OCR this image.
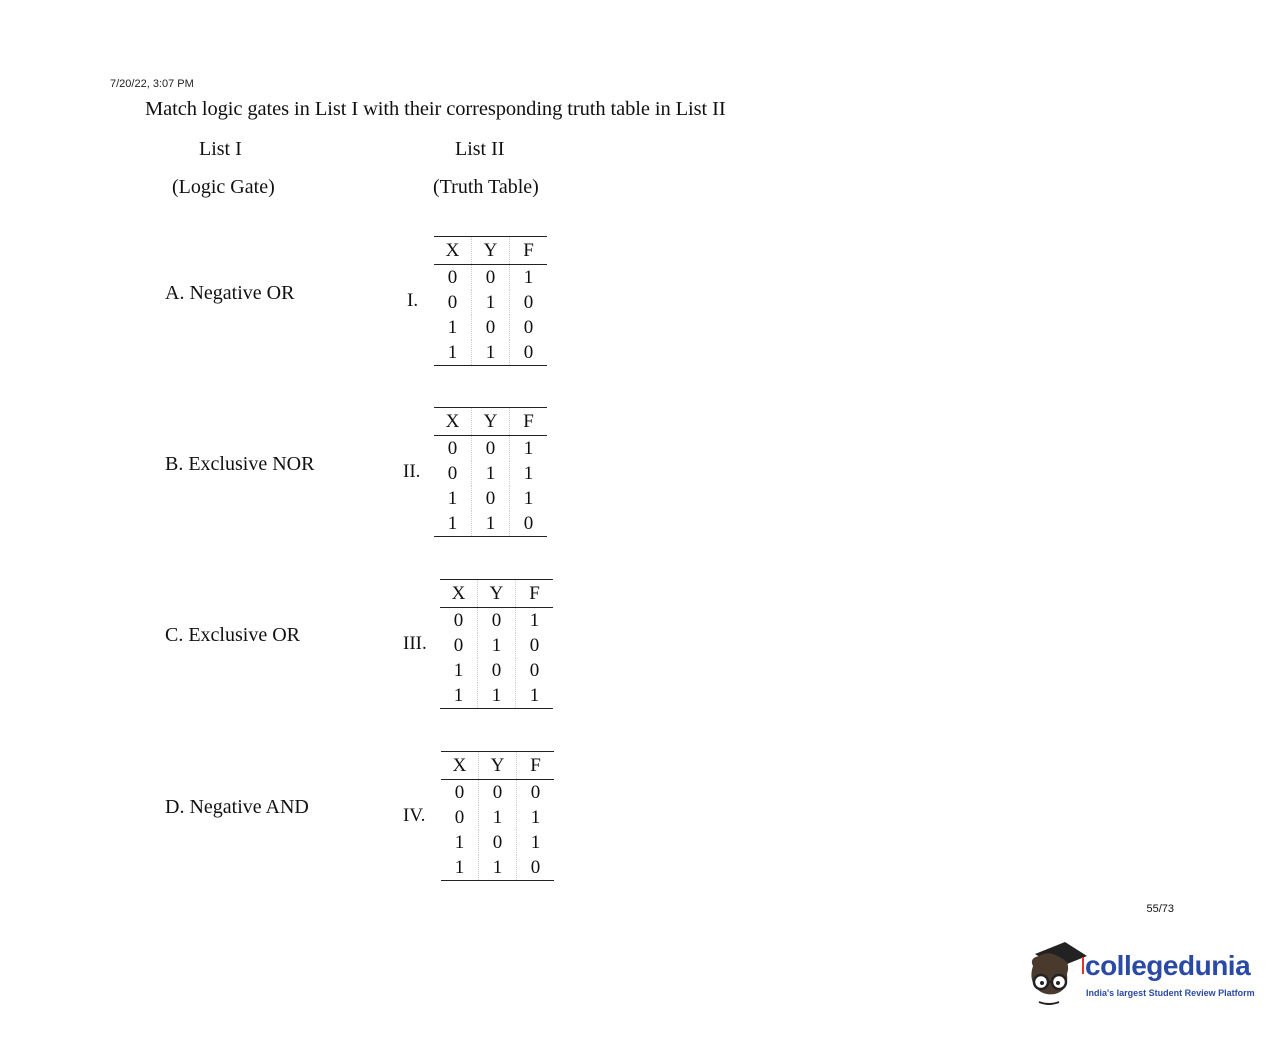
7/20/22, 3:07 PM
Match logic gates in List I with their corresponding truth table in List II
List I
(Logic Gate)
List II
(Truth Table)
A. Negative OR
B. Exclusive NOR
C. Exclusive OR
D. Negative AND
I.
II.
III.
IV.
X	Y	F
0	0	1
0	1	0
1	0	0
1	1	0
X	Y	F
0	0	1
0	1	1
1	0	1
1	1	0
X	Y	F
0	0	1
0	1	0
1	0	0
1	1	1
X	Y	F
0	0	0
0	1	1
1	0	1
1	1	0
55/73
collegedunia
India's largest Student Review Platform
